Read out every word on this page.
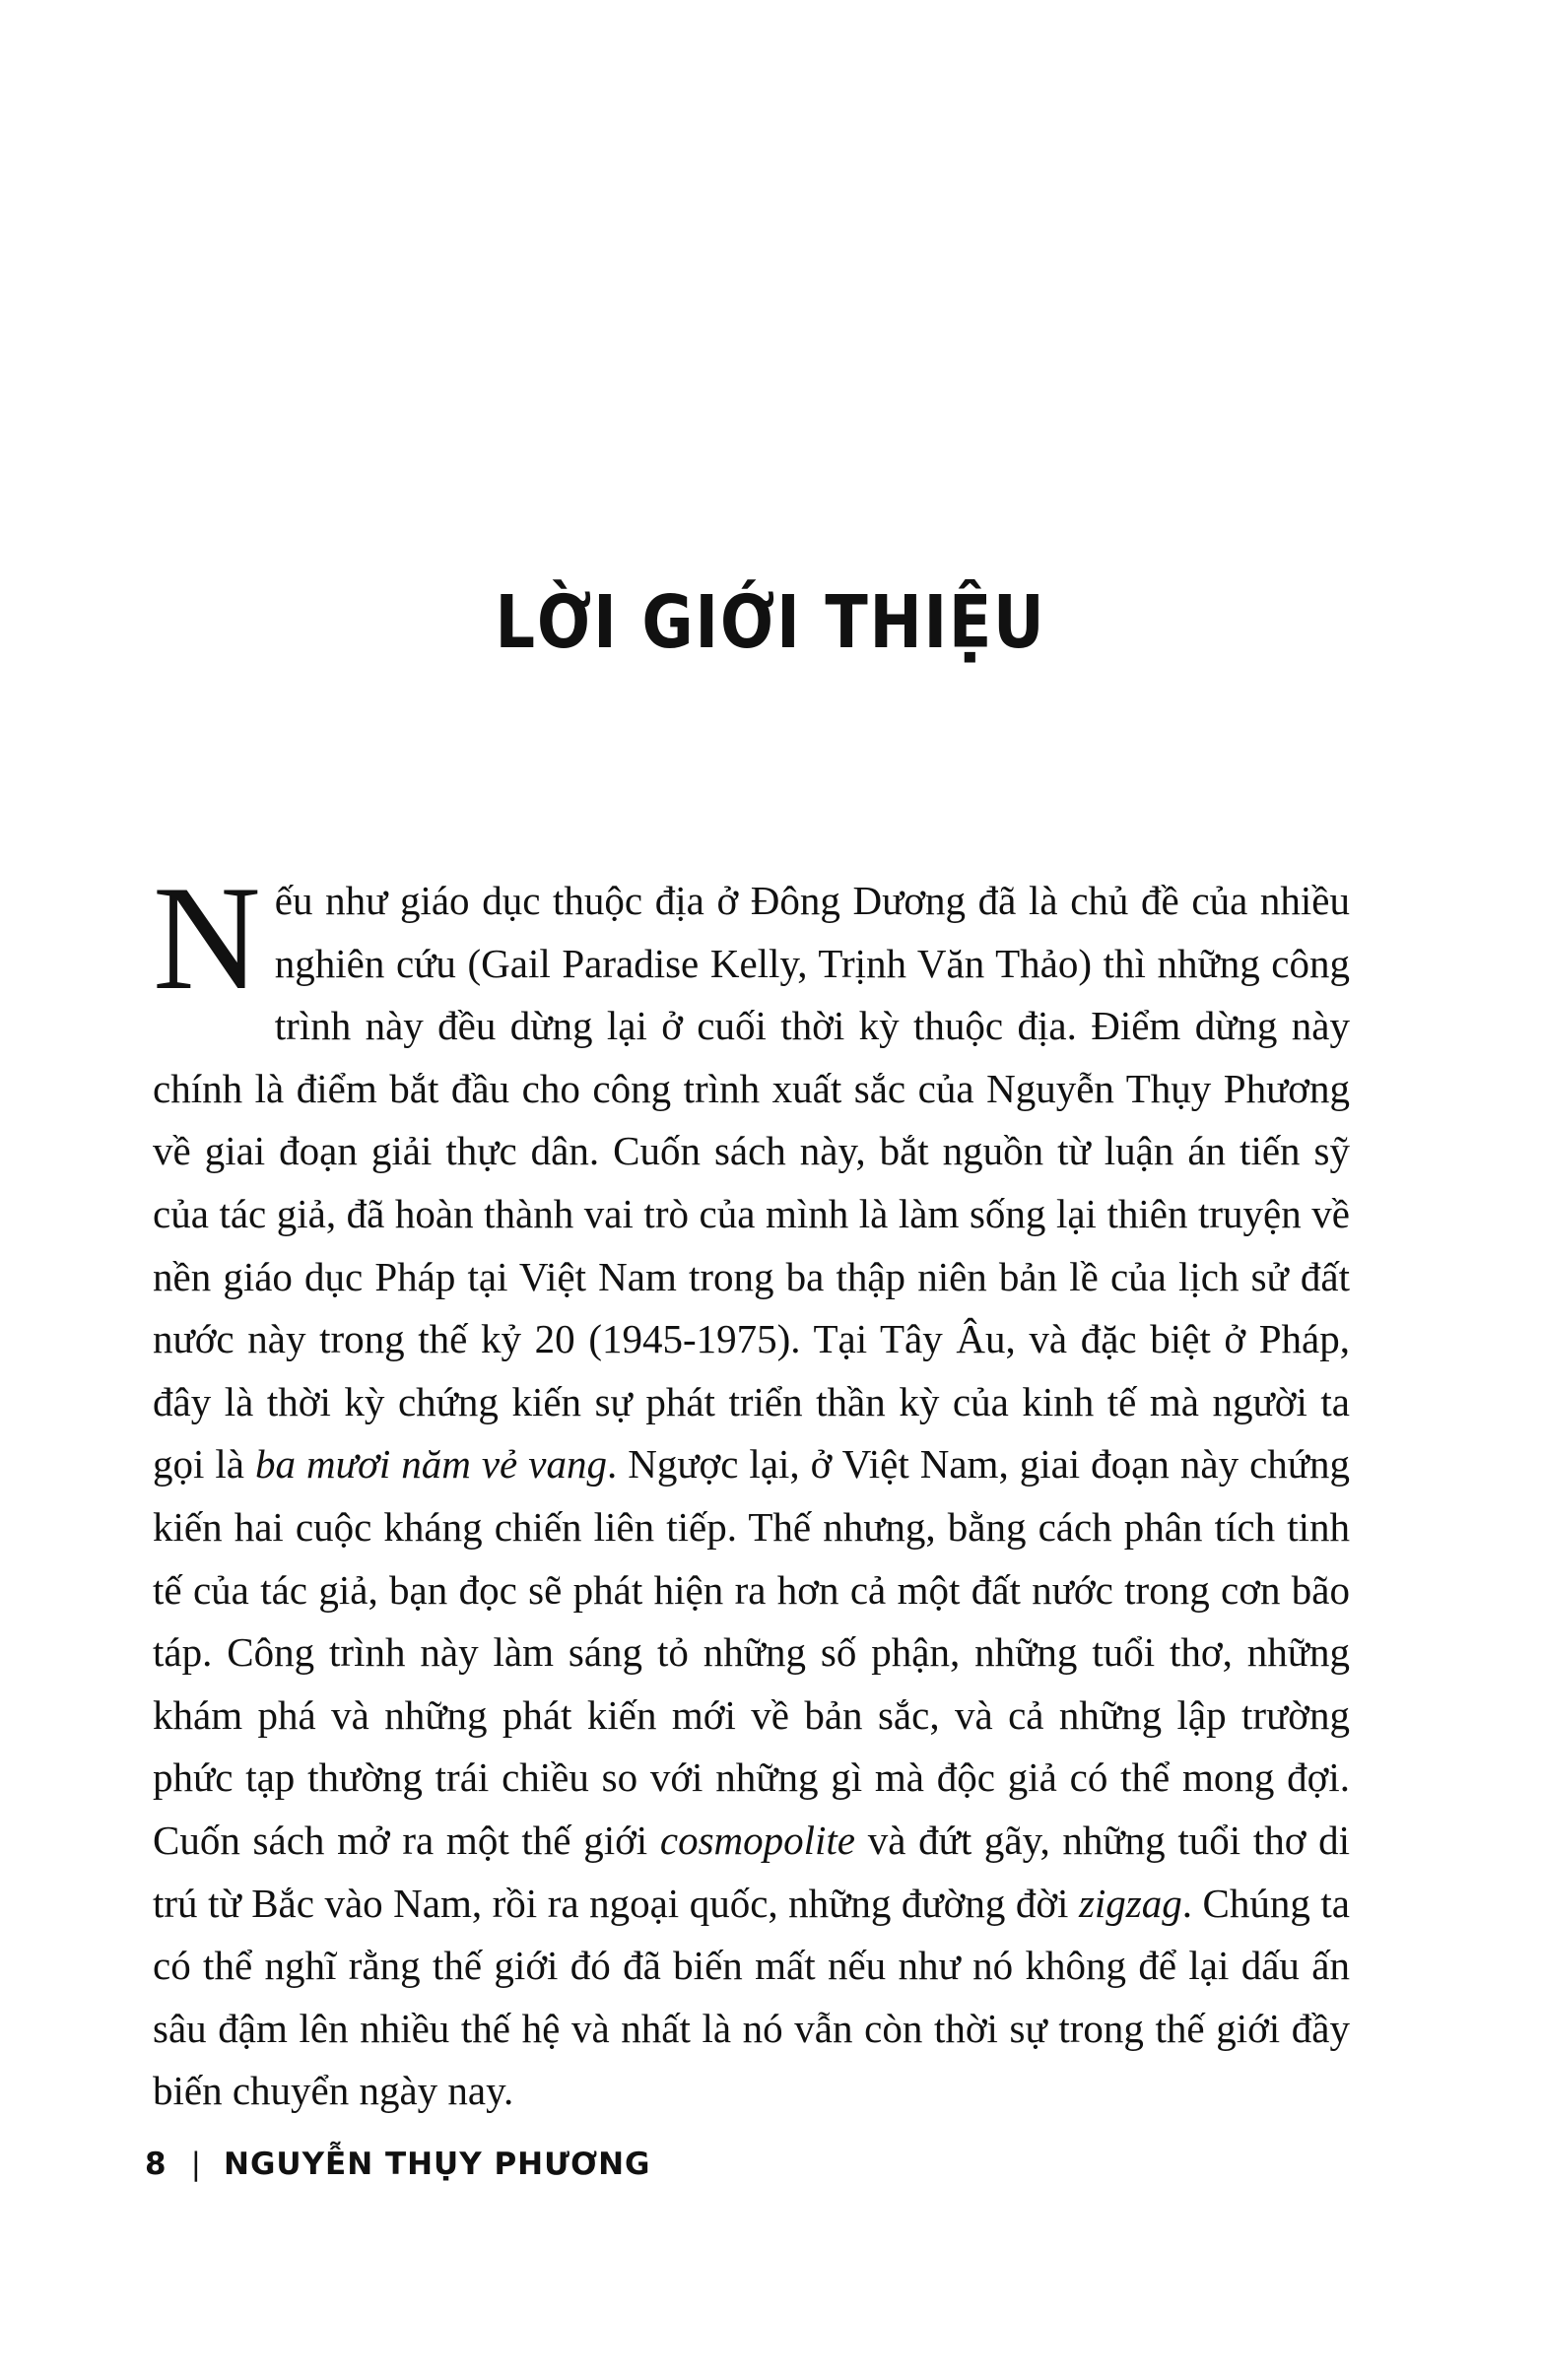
LỜI GIỚI THIỆU

Nếu như giáo dục thuộc địa ở Đông Dương đã là chủ đề của nhiều nghiên cứu (Gail Paradise Kelly, Trịnh Văn Thảo) thì những công trình này đều dừng lại ở cuối thời kỳ thuộc địa. Điểm dừng này chính là điểm bắt đầu cho công trình xuất sắc của Nguyễn Thụy Phương về giai đoạn giải thực dân. Cuốn sách này, bắt nguồn từ luận án tiến sỹ của tác giả, đã hoàn thành vai trò của mình là làm sống lại thiên truyện về nền giáo dục Pháp tại Việt Nam trong ba thập niên bản lề của lịch sử đất nước này trong thế kỷ 20 (1945-1975). Tại Tây Âu, và đặc biệt ở Pháp, đây là thời kỳ chứng kiến sự phát triển thần kỳ của kinh tế mà người ta gọi là ba mươi năm vẻ vang. Ngược lại, ở Việt Nam, giai đoạn này chứng kiến hai cuộc kháng chiến liên tiếp. Thế nhưng, bằng cách phân tích tinh tế của tác giả, bạn đọc sẽ phát hiện ra hơn cả một đất nước trong cơn bão táp. Công trình này làm sáng tỏ những số phận, những tuổi thơ, những khám phá và những phát kiến mới về bản sắc, và cả những lập trường phức tạp thường trái chiều so với những gì mà độc giả có thể mong đợi. Cuốn sách mở ra một thế giới cosmopolite và đứt gãy, những tuổi thơ di trú từ Bắc vào Nam, rồi ra ngoại quốc, những đường đời zigzag. Chúng ta có thể nghĩ rằng thế giới đó đã biến mất nếu như nó không để lại dấu ấn sâu đậm lên nhiều thế hệ và nhất là nó vẫn còn thời sự trong thế giới đầy biến chuyển ngày nay.

8 | NGUYỄN THỤY PHƯƠNG
